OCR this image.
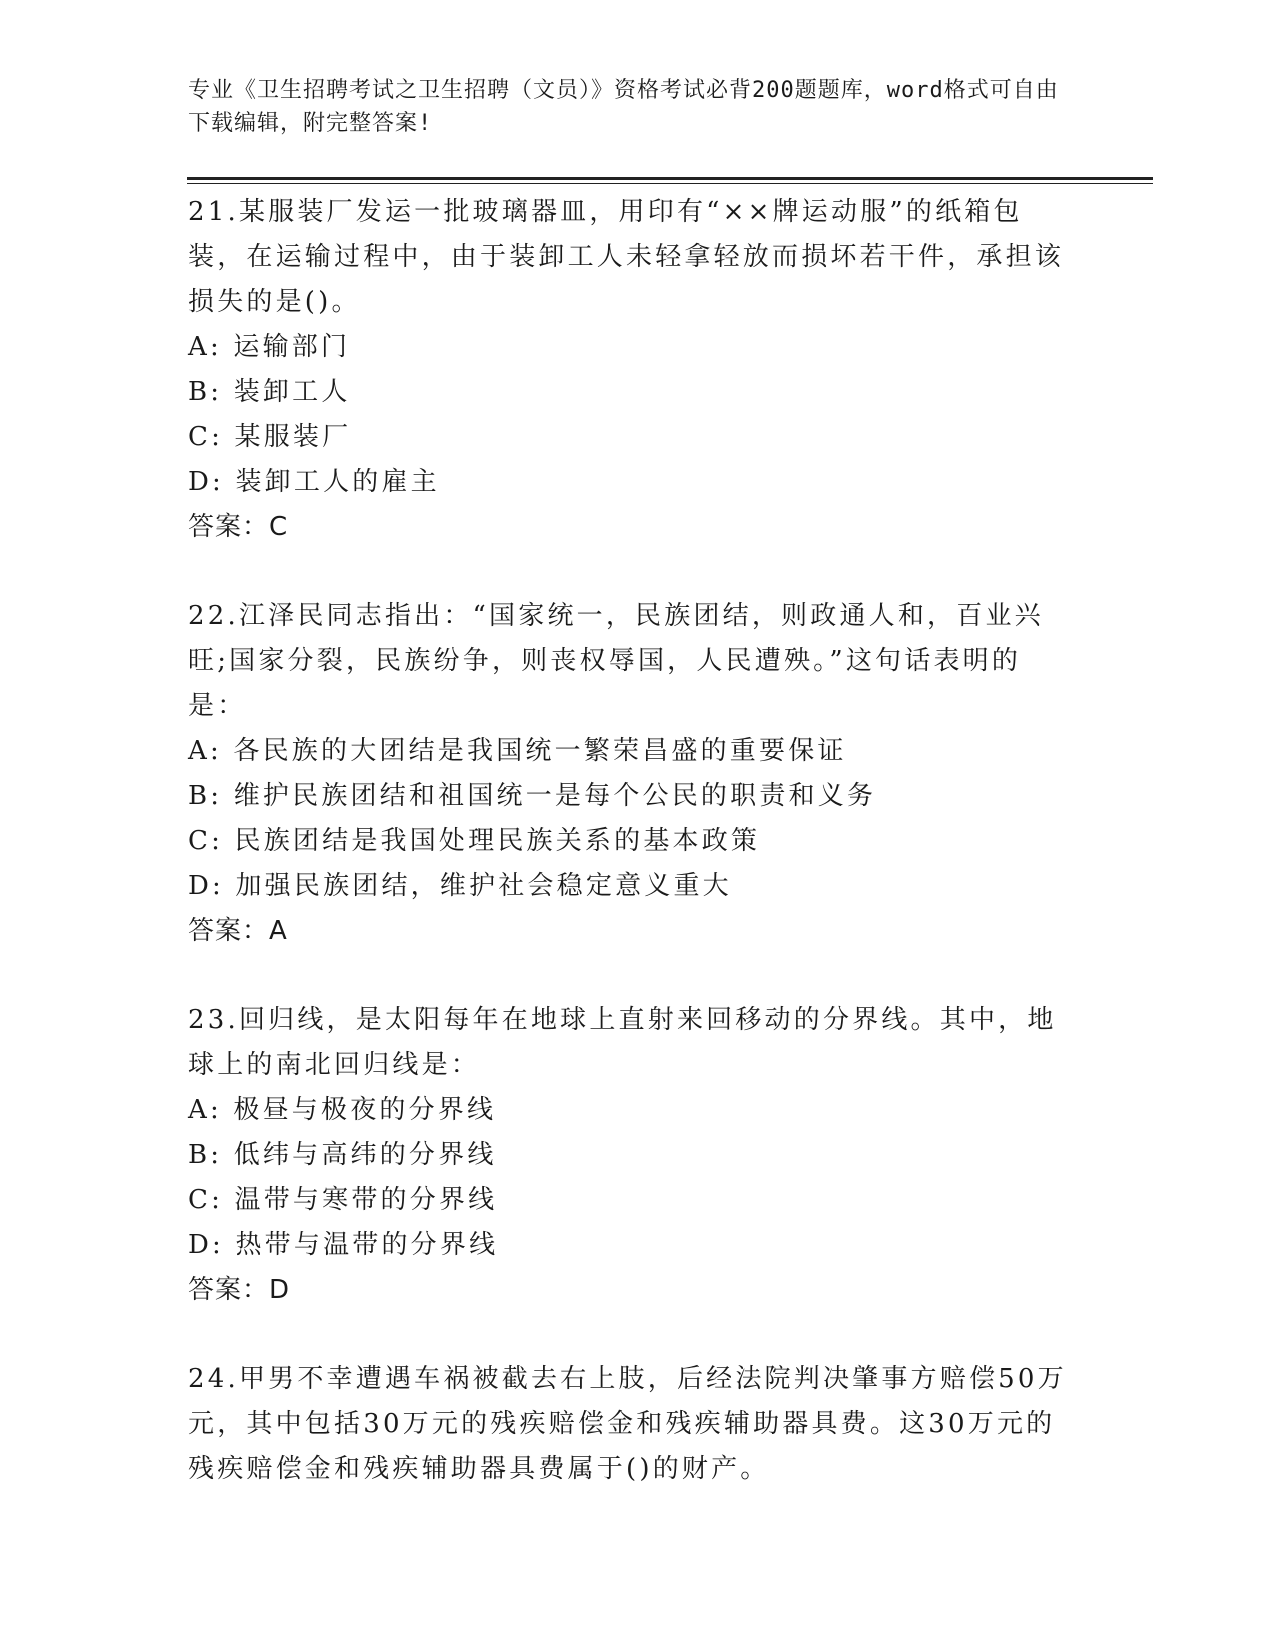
专业《卫生招聘考试之卫生招聘（文员）》资格考试必背200题题库，word格式可自由下载编辑，附完整答案!
21.某服装厂发运一批玻璃器皿，用印有“××牌运动服”的纸箱包装，在运输过程中，由于装卸工人未轻拿轻放而损坏若干件，承担该损失的是()。
A: 运输部门
B: 装卸工人
C: 某服装厂
D: 装卸工人的雇主
答案：C
22.江泽民同志指出：“国家统一，民族团结，则政通人和，百业兴旺;国家分裂，民族纷争，则丧权辱国，人民遭殃。”这句话表明的是：
A: 各民族的大团结是我国统一繁荣昌盛的重要保证
B: 维护民族团结和祖国统一是每个公民的职责和义务
C: 民族团结是我国处理民族关系的基本政策
D: 加强民族团结，维护社会稳定意义重大
答案：A
23.回归线，是太阳每年在地球上直射来回移动的分界线。其中，地球上的南北回归线是：
A: 极昼与极夜的分界线
B: 低纬与高纬的分界线
C: 温带与寒带的分界线
D: 热带与温带的分界线
答案：D
24.甲男不幸遭遇车祸被截去右上肢，后经法院判决肇事方赔偿50万元，其中包括30万元的残疾赔偿金和残疾辅助器具费。这30万元的残疾赔偿金和残疾辅助器具费属于()的财产。
